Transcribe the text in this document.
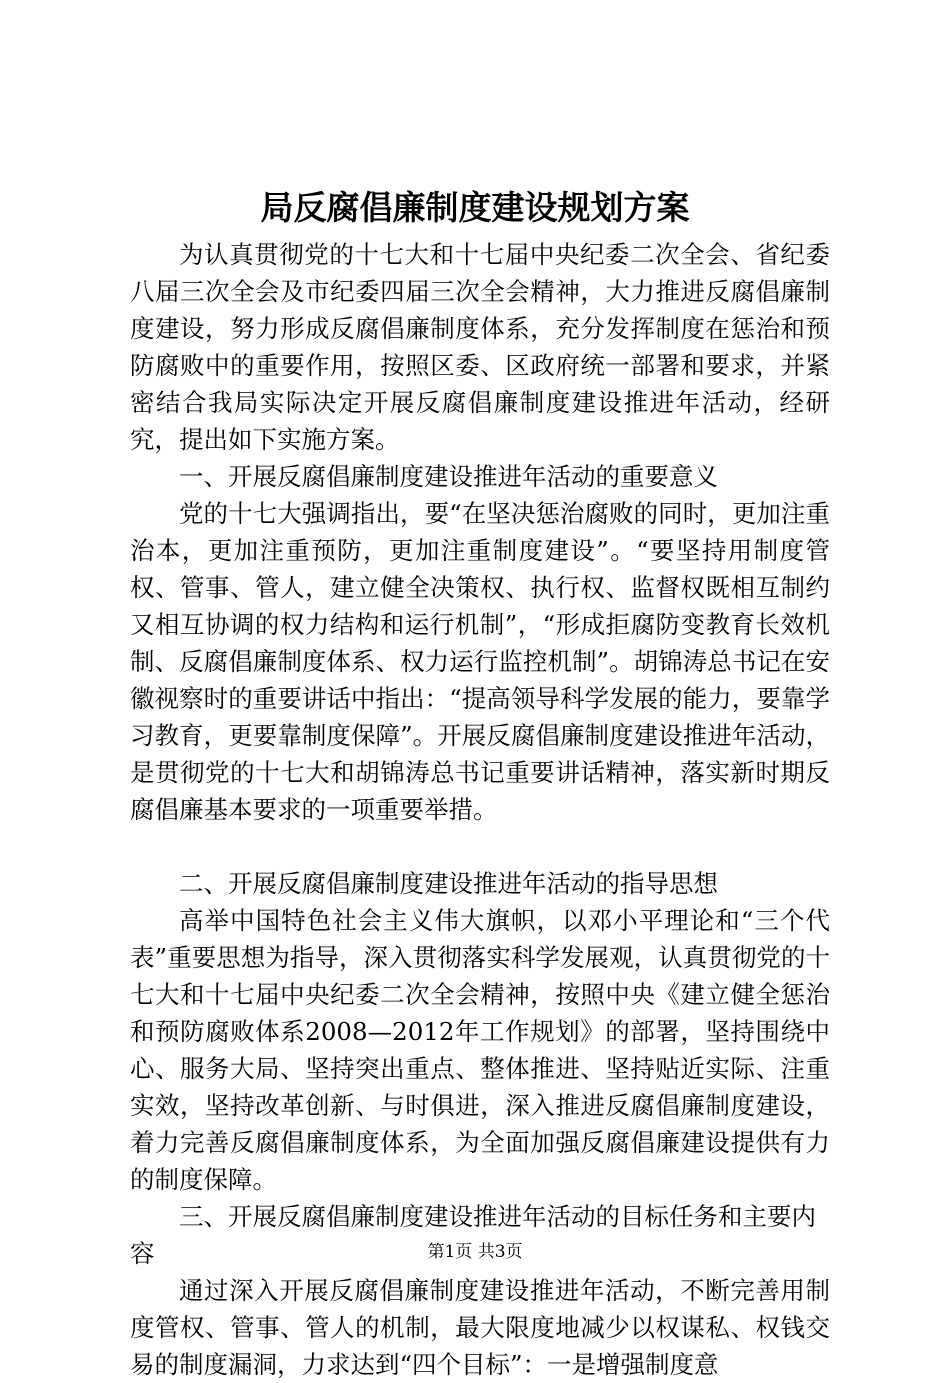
局反腐倡廉制度建设规划方案

为认真贯彻党的十七大和十七届中央纪委二次全会、省纪委八届三次全会及市纪委四届三次全会精神，大力推进反腐倡廉制度建设，努力形成反腐倡廉制度体系，充分发挥制度在惩治和预防腐败中的重要作用，按照区委、区政府统一部署和要求，并紧密结合我局实际决定开展反腐倡廉制度建设推进年活动，经研究，提出如下实施方案。

一、开展反腐倡廉制度建设推进年活动的重要意义

党的十七大强调指出，要“在坚决惩治腐败的同时，更加注重治本，更加注重预防，更加注重制度建设”。“要坚持用制度管权、管事、管人，建立健全决策权、执行权、监督权既相互制约又相互协调的权力结构和运行机制”，“形成拒腐防变教育长效机制、反腐倡廉制度体系、权力运行监控机制”。胡锦涛总书记在安徽视察时的重要讲话中指出：“提高领导科学发展的能力，要靠学习教育，更要靠制度保障”。开展反腐倡廉制度建设推进年活动，是贯彻党的十七大和胡锦涛总书记重要讲话精神，落实新时期反腐倡廉基本要求的一项重要举措。

二、开展反腐倡廉制度建设推进年活动的指导思想

高举中国特色社会主义伟大旗帜，以邓小平理论和“三个代表”重要思想为指导，深入贯彻落实科学发展观，认真贯彻党的十七大和十七届中央纪委二次全会精神，按照中央《建立健全惩治和预防腐败体系2008—2012年工作规划》的部署，坚持围绕中心、服务大局、坚持突出重点、整体推进、坚持贴近实际、注重实效，坚持改革创新、与时俱进，深入推进反腐倡廉制度建设，着力完善反腐倡廉制度体系，为全面加强反腐倡廉建设提供有力的制度保障。

三、开展反腐倡廉制度建设推进年活动的目标任务和主要内容

通过深入开展反腐倡廉制度建设推进年活动，不断完善用制度管权、管事、管人的机制，最大限度地减少以权谋私、权钱交易的制度漏洞，力求达到“四个目标”：一是增强制度意

第1页 共3页
